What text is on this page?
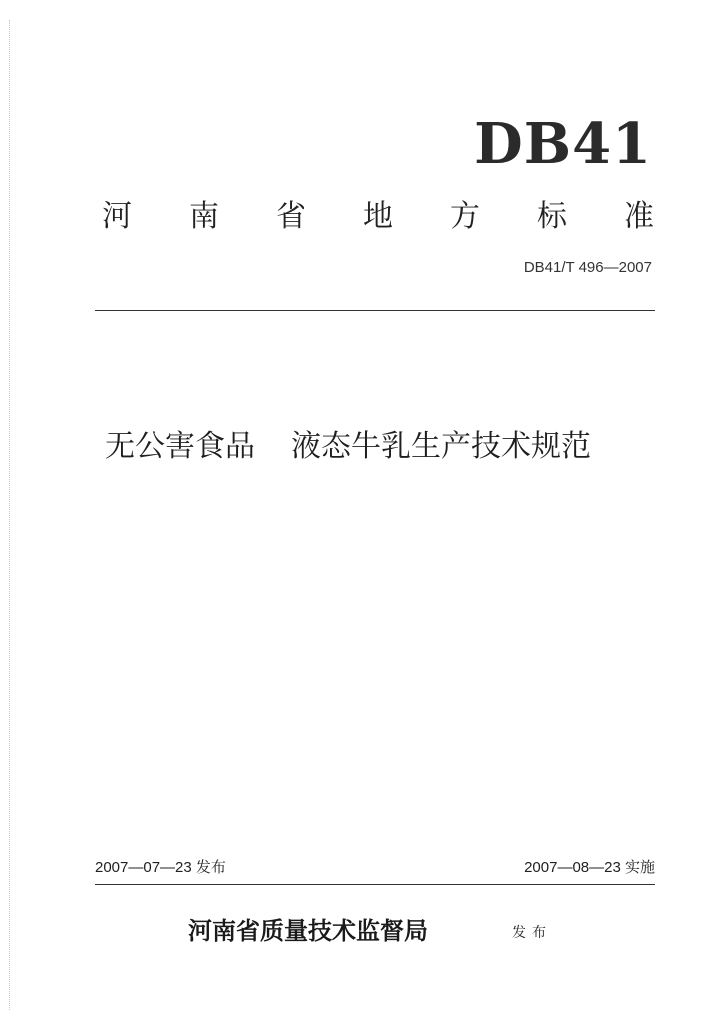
DB41
河 南 省 地 方 标 准
DB41/T 496—2007
无公害食品 液态牛乳生产技术规范
2007—07—23 发布	2007—08—23 实施
河南省质量技术监督局	发布
